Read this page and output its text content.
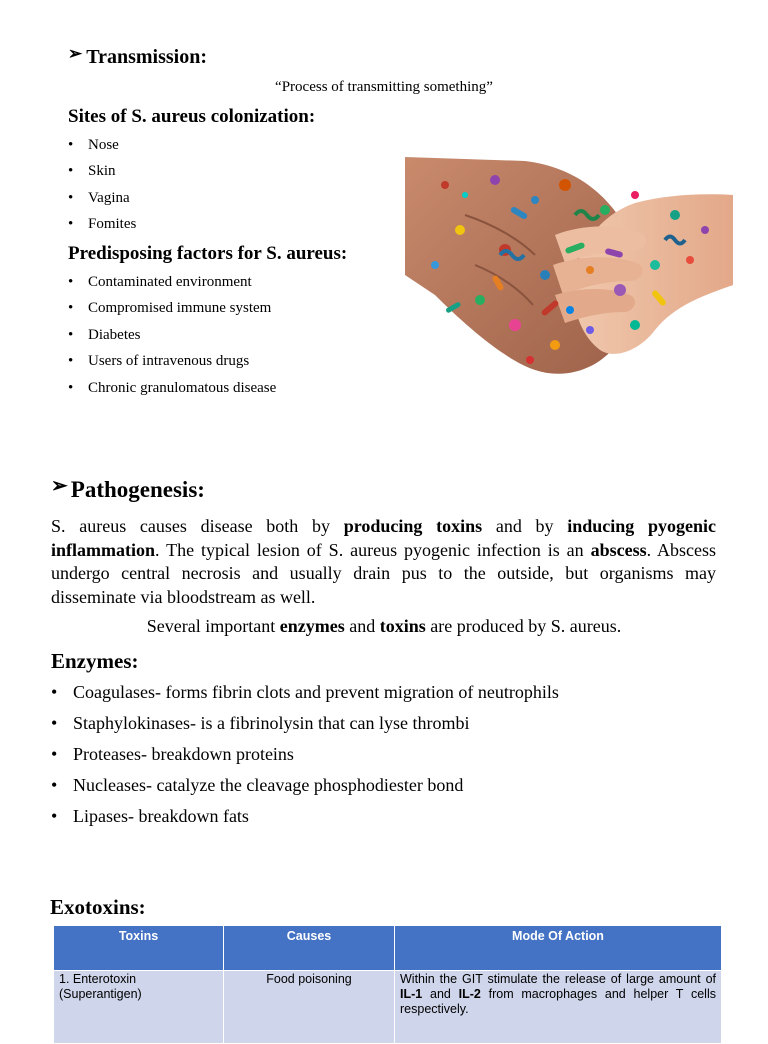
➢ Transmission:
“Process of transmitting something”
Sites of S. aureus colonization:
• Nose
• Skin
• Vagina
• Fomites
Predisposing factors for S. aureus:
• Contaminated environment
• Compromised immune system
• Diabetes
• Users of intravenous drugs
• Chronic granulomatous disease
➢ Pathogenesis:

S. aureus causes disease both by producing toxins and by inducing pyogenic inflammation. The typical lesion of S. aureus pyogenic infection is an abscess. Abscess undergo central necrosis and usually drain pus to the outside, but organisms may disseminate via bloodstream as well.

Several important enzymes and toxins are produced by S. aureus.
Enzymes:
• Coagulases- forms fibrin clots and prevent migration of neutrophils
• Staphylokinases- is a fibrinolysin that can lyse thrombi
• Proteases- breakdown proteins
• Nucleases- catalyze the cleavage phosphodiester bond
• Lipases- breakdown fats
Exotoxins:
Toxins	Causes	Mode Of Action
1. Enterotoxin (Superantigen)	Food poisoning	Within the GIT stimulate the release of large amount of IL-1 and IL-2 from macrophages and helper T cells respectively.
